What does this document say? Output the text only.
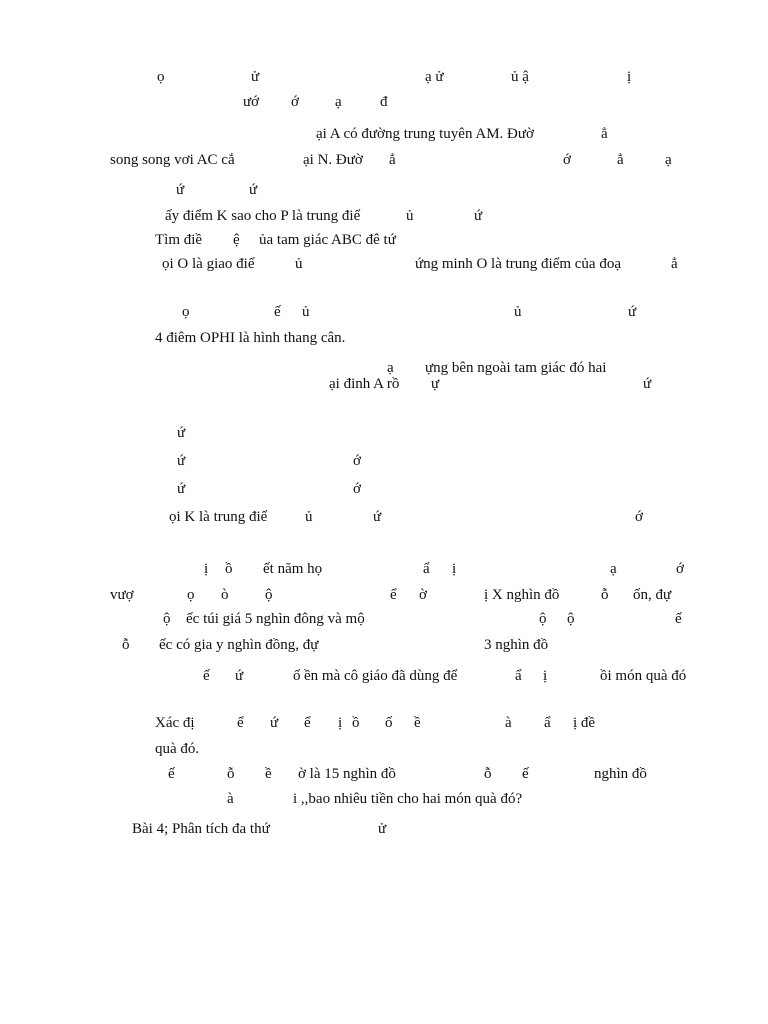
ọ	ử	ạ ử	ủ ậ	ị
ướ ớ ạ	đ
ại A có đường trung tuyên AM. Đườ	ẳ
song song vơi AC cắ	ại N. Đườ ẳ	ớ	ẳ	ạ
ứ	ứ
ấy điểm K sao cho P là trung điể	ủ	ứ
Tìm điề ệ ủa tam giác ABC đê tứ
ọi O là giao điể	ủ	ứng minh O là trung điểm của đoạ	ẳ
ọ	ế ủ	ủ	ứ
4 điêm OPHI là hình thang cân.
ạ ựng bên ngoài tam giác đó hai
ại đinh A rồ ự	ứ
ứ
ứ	ớ
ứ	ớ
ọi K là trung điể	ủ	ứ	ớ
ị ồ ết năm họ	ẩ ị	ạ	ớ
vượ	ọ ò ộ	ể ờ	ị X nghìn đồ	ỗ ốn, đự
ộ ếc túi giá 5 nghìn đông và mộ	ộ ộ	ế
ỗ ếc có gia y nghìn đồng, đự	3 nghìn đồ
ế ứ	ố ền mà cô giáo đã dùng để	ẩ ị	ồi món quà đó
Xác đị	ể ứ ể ị ồ ố ề	à ẩ ị đề
quà đó.
ế	ỗ ề ờ là 15 nghìn đồ	ỗ ế	nghìn đồ
à	i ,,bao nhiêu tiền cho hai món quà đó?
Bài 4; Phân tích đa thứ	ử
